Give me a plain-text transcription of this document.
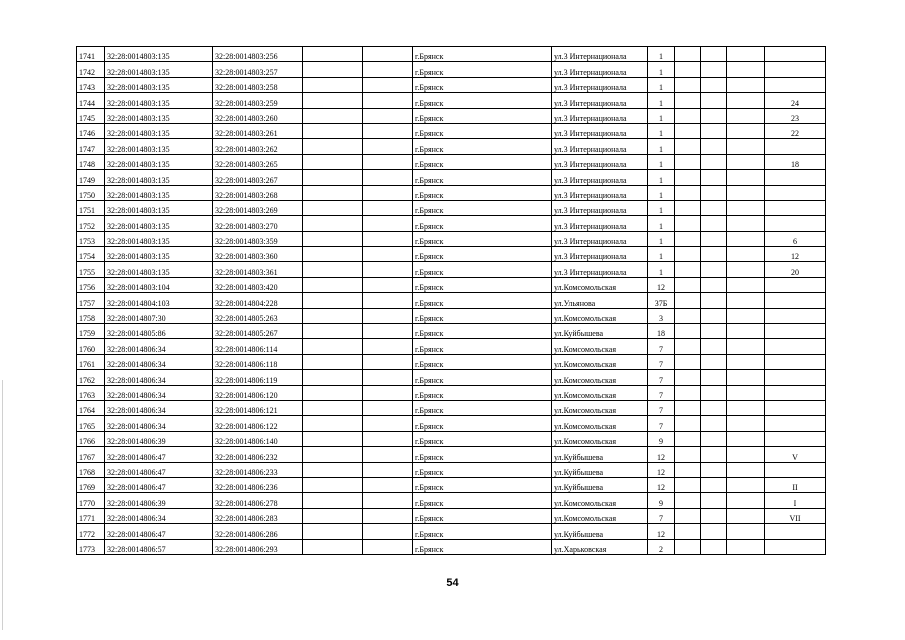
1741	32:28:0014803:135	32:28:0014803:256			г.Брянск	ул.3 Интернационала	1				
1742	32:28:0014803:135	32:28:0014803:257			г.Брянск	ул.3 Интернационала	1				
1743	32:28:0014803:135	32:28:0014803:258			г.Брянск	ул.3 Интернационала	1				
1744	32:28:0014803:135	32:28:0014803:259			г.Брянск	ул.3 Интернационала	1				24
1745	32:28:0014803:135	32:28:0014803:260			г.Брянск	ул.3 Интернационала	1				23
1746	32:28:0014803:135	32:28:0014803:261			г.Брянск	ул.3 Интернационала	1				22
1747	32:28:0014803:135	32:28:0014803:262			г.Брянск	ул.3 Интернационала	1				
1748	32:28:0014803:135	32:28:0014803:265			г.Брянск	ул.3 Интернационала	1				18
1749	32:28:0014803:135	32:28:0014803:267			г.Брянск	ул.3 Интернационала	1				
1750	32:28:0014803:135	32:28:0014803:268			г.Брянск	ул.3 Интернационала	1				
1751	32:28:0014803:135	32:28:0014803:269			г.Брянск	ул.3 Интернационала	1				
1752	32:28:0014803:135	32:28:0014803:270			г.Брянск	ул.3 Интернационала	1				
1753	32:28:0014803:135	32:28:0014803:359			г.Брянск	ул.3 Интернационала	1				6
1754	32:28:0014803:135	32:28:0014803:360			г.Брянск	ул.3 Интернационала	1				12
1755	32:28:0014803:135	32:28:0014803:361			г.Брянск	ул.3 Интернационала	1				20
1756	32:28:0014803:104	32:28:0014803:420			г.Брянск	ул.Комсомольская	12				
1757	32:28:0014804:103	32:28:0014804:228			г.Брянск	ул.Ульянова	37Б				
1758	32:28:0014807:30	32:28:0014805:263			г.Брянск	ул.Комсомольская	3				
1759	32:28:0014805:86	32:28:0014805:267			г.Брянск	ул.Куйбышева	18				
1760	32:28:0014806:34	32:28:0014806:114			г.Брянск	ул.Комсомольская	7				
1761	32:28:0014806:34	32:28:0014806:118			г.Брянск	ул.Комсомольская	7				
1762	32:28:0014806:34	32:28:0014806:119			г.Брянск	ул.Комсомольская	7				
1763	32:28:0014806:34	32:28:0014806:120			г.Брянск	ул.Комсомольская	7				
1764	32:28:0014806:34	32:28:0014806:121			г.Брянск	ул.Комсомольская	7				
1765	32:28:0014806:34	32:28:0014806:122			г.Брянск	ул.Комсомольская	7				
1766	32:28:0014806:39	32:28:0014806:140			г.Брянск	ул.Комсомольская	9				
1767	32:28:0014806:47	32:28:0014806:232			г.Брянск	ул.Куйбышева	12				V
1768	32:28:0014806:47	32:28:0014806:233			г.Брянск	ул.Куйбышева	12				
1769	32:28:0014806:47	32:28:0014806:236			г.Брянск	ул.Куйбышева	12				II
1770	32:28:0014806:39	32:28:0014806:278			г.Брянск	ул.Комсомольская	9				I
1771	32:28:0014806:34	32:28:0014806:283			г.Брянск	ул.Комсомольская	7				VII
1772	32:28:0014806:47	32:28:0014806:286			г.Брянск	ул.Куйбышева	12				
1773	32:28:0014806:57	32:28:0014806:293			г.Брянск	ул.Харьковская	2				
54
